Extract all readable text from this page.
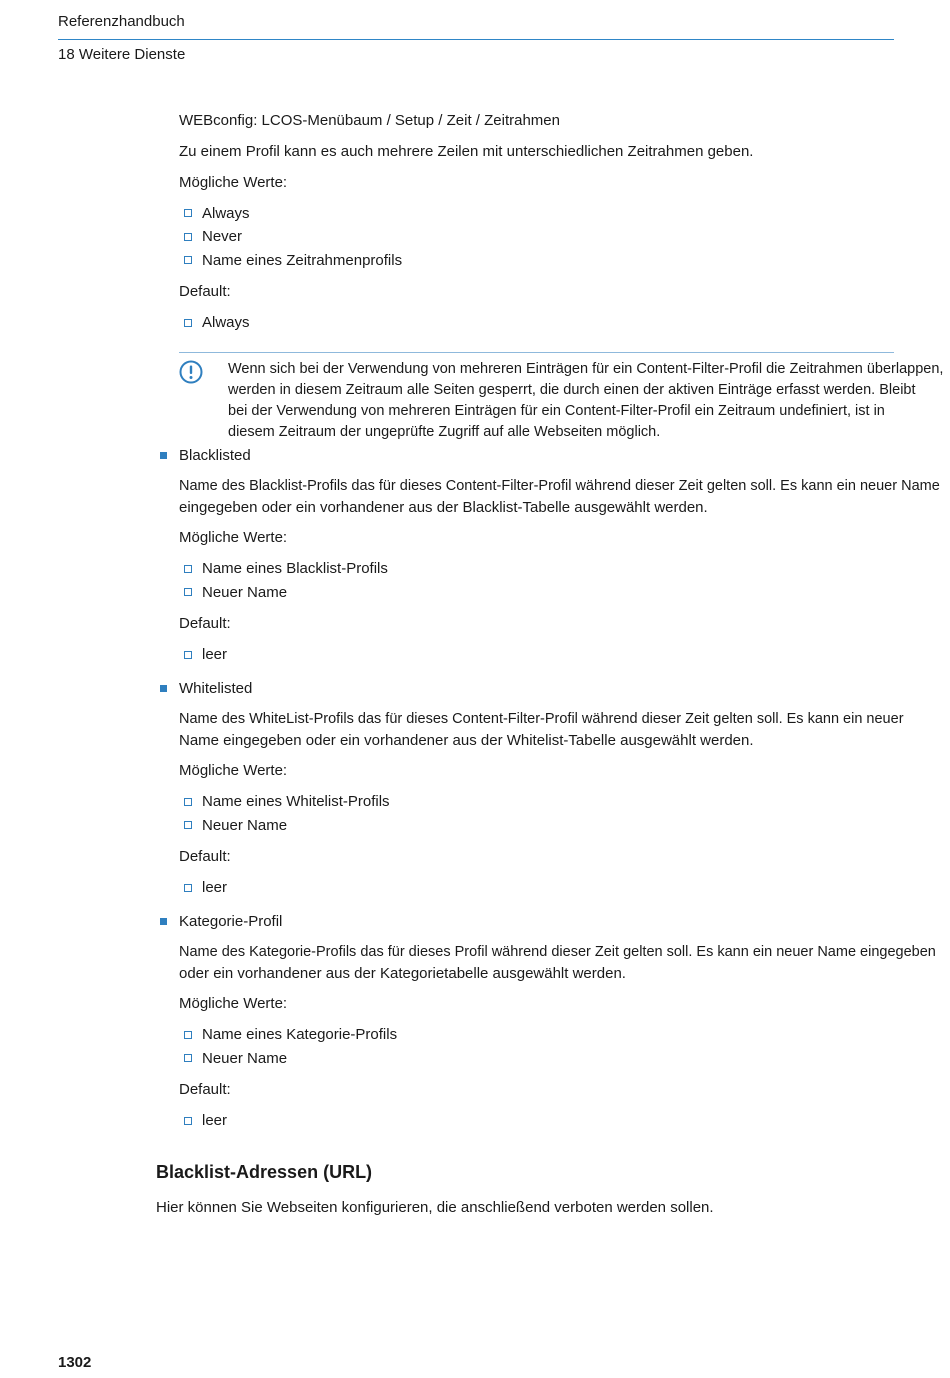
Referenzhandbuch
18 Weitere Dienste
WEBconfig: LCOS-Menübaum / Setup / Zeit / Zeitrahmen
Zu einem Profil kann es auch mehrere Zeilen mit unterschiedlichen Zeitrahmen geben.
Mögliche Werte:
Always
Never
Name eines Zeitrahmenprofils
Default:
Always
Wenn sich bei der Verwendung von mehreren Einträgen für ein Content-Filter-Profil die Zeitrahmen überlappen,
werden in diesem Zeitraum alle Seiten gesperrt, die durch einen der aktiven Einträge erfasst werden. Bleibt
bei der Verwendung von mehreren Einträgen für ein Content-Filter-Profil ein Zeitraum undefiniert, ist in
diesem Zeitraum der ungeprüfte Zugriff auf alle Webseiten möglich.
Blacklisted
Name des Blacklist-Profils das für dieses Content-Filter-Profil während dieser Zeit gelten soll. Es kann ein neuer Name
eingegeben oder ein vorhandener aus der Blacklist-Tabelle ausgewählt werden.
Mögliche Werte:
Name eines Blacklist-Profils
Neuer Name
Default:
leer
Whitelisted
Name des WhiteList-Profils das für dieses Content-Filter-Profil während dieser Zeit gelten soll. Es kann ein neuer
Name eingegeben oder ein vorhandener aus der Whitelist-Tabelle ausgewählt werden.
Mögliche Werte:
Name eines Whitelist-Profils
Neuer Name
Default:
leer
Kategorie-Profil
Name des Kategorie-Profils das für dieses Profil während dieser Zeit gelten soll. Es kann ein neuer Name eingegeben
oder ein vorhandener aus der Kategorietabelle ausgewählt werden.
Mögliche Werte:
Name eines Kategorie-Profils
Neuer Name
Default:
leer
Blacklist-Adressen (URL)
Hier können Sie Webseiten konfigurieren, die anschließend verboten werden sollen.
1302
